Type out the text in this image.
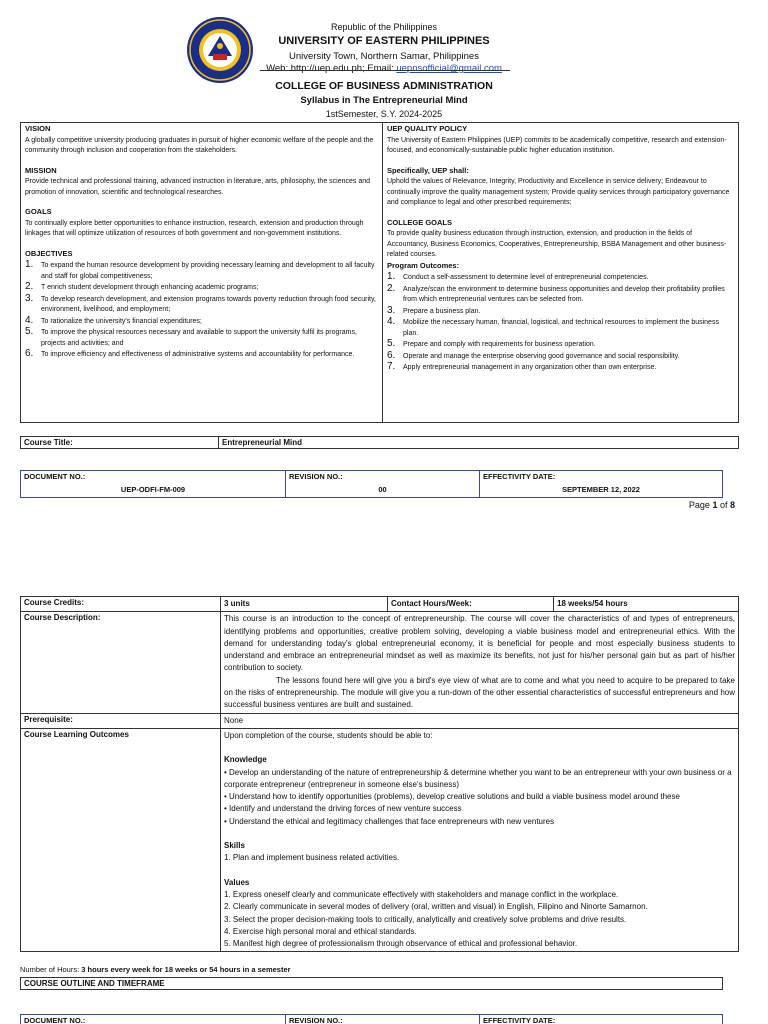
Republic of the Philippines
UNIVERSITY OF EASTERN PHILIPPINES
University Town, Northern Samar, Philippines
Web: http://uep.edu.ph; Email: uepnsofficial@gmail.com
COLLEGE OF BUSINESS ADMINISTRATION
Syllabus in The Entrepreneurial Mind
1stSemester, S.Y. 2024-2025
VISION
A globally competitive university producing graduates in pursuit of higher economic welfare of the people and the community through inclusion and cooperation from the stakeholders.
MISSION
Provide technical and professional training, advanced instruction in literature, arts, philosophy, the sciences and promotion of innovation, scientific and technological researches.
GOALS
To continually explore better opportunities to enhance instruction, research, extension and production through linkages that will optimize utilization of resources of both government and non-government institutions.
OBJECTIVES
1. To expand the human resource development by providing necessary learning and development to all faculty and staff for global competitiveness;
2. T enrich student development through enhancing academic programs;
3. To develop research development, and extension programs towards poverty reduction through food security, environment, livelihood, and employment;
4. To rationalize the university's financial expenditures;
5. To improve the physical resources necessary and available to support the university fulfil its programs, projects and activities; and
6. To improve efficiency and effectiveness of administrative systems and accountability for performance.
UEP QUALITY POLICY
The University of Eastern Philippines (UEP) commits to be academically competitive, research and extension-focused, and economically-sustainable public higher education institution.
Specifically, UEP shall:
Uphold the values of Relevance, Integrity, Productivity and Excellence in service delivery; Endeavour to continually improve the quality management system; Provide quality services through participatory governance and compliance to legal and other prescribed requirements;
COLLEGE GOALS
To provide quality business education through instruction, extension, and production in the fields of Accountancy, Business Economics, Cooperatives, Entrepreneurship, BSBA Management and other business-related courses.
Program Outcomes:
1. Conduct a self-assessment to determine level of entrepreneurial competencies.
2. Analyze/scan the environment to determine business opportunities and develop their profitability profiles from which entrepreneurial ventures can be selected from.
3. Prepare a business plan.
4. Mobilize the necessary human, financial, logistical, and technical resources to implement the business plan.
5. Prepare and comply with requirements for business operation.
6. Operate and manage the enterprise observing good governance and social responsibility.
7. Apply entrepreneurial management in any organization other than own enterprise.
Course Title:	Entrepreneurial Mind
DOCUMENT NO.:
UEP-ODFI-FM-009
REVISION NO.:
00
EFFECTIVITY DATE:
SEPTEMBER 12, 2022
Page 1 of 8
Course Credits:	3 units	Contact Hours/Week:	18 weeks/54 hours
Course Description:	This course is an introduction to the concept of entrepreneurship. The course will cover the characteristics of and types of entrepreneurs, identifying problems and opportunities, creative problem solving, developing a viable business model and entrepreneurial ethics. With the demand for understanding today's global entrepreneurial economy, it is beneficial for people and most especially business students to understand and embrace an entrepreneurial mindset as well as maximize its benefits, not just for his/her personal gain but as part of his/her contribution to society.
The lessons found here will give you a bird's eye view of what are to come and what you need to acquire to be prepared to take on the risks of entrepreneurship. The module will give you a run-down of the other essential characteristics of successful entrepreneurs and how successful business ventures are built and sustained.
Prerequisite:	None
Course Learning Outcomes	Upon completion of the course, students should be able to:
Knowledge
• Develop an understanding of the nature of entrepreneurship & determine whether you want to be an entrepreneur with your own business or a corporate entrepreneur (entrepreneur in someone else's business)
• Understand how to identify opportunities (problems), develop creative solutions and build a viable business model around these
• Identify and understand the driving forces of new venture success
• Understand the ethical and legitimacy challenges that face entrepreneurs with new ventures
Skills
1. Plan and implement business related activities.
Values
1. Express oneself clearly and communicate effectively with stakeholders and manage conflict in the workplace.
2. Clearly communicate in several modes of delivery (oral, written and visual) in English, Filipino and Ninorte Samarnon.
3. Select the proper decision-making tools to critically, analytically and creatively solve problems and drive results.
4. Exercise high personal moral and ethical standards.
5. Manifest high degree of professionalism through observance of ethical and professional behavior.
Number of Hours: 3 hours every week for 18 weeks or 54 hours in a semester
COURSE OUTLINE AND TIMEFRAME
DOCUMENT NO.:	REVISION NO.:	EFFECTIVITY DATE:
